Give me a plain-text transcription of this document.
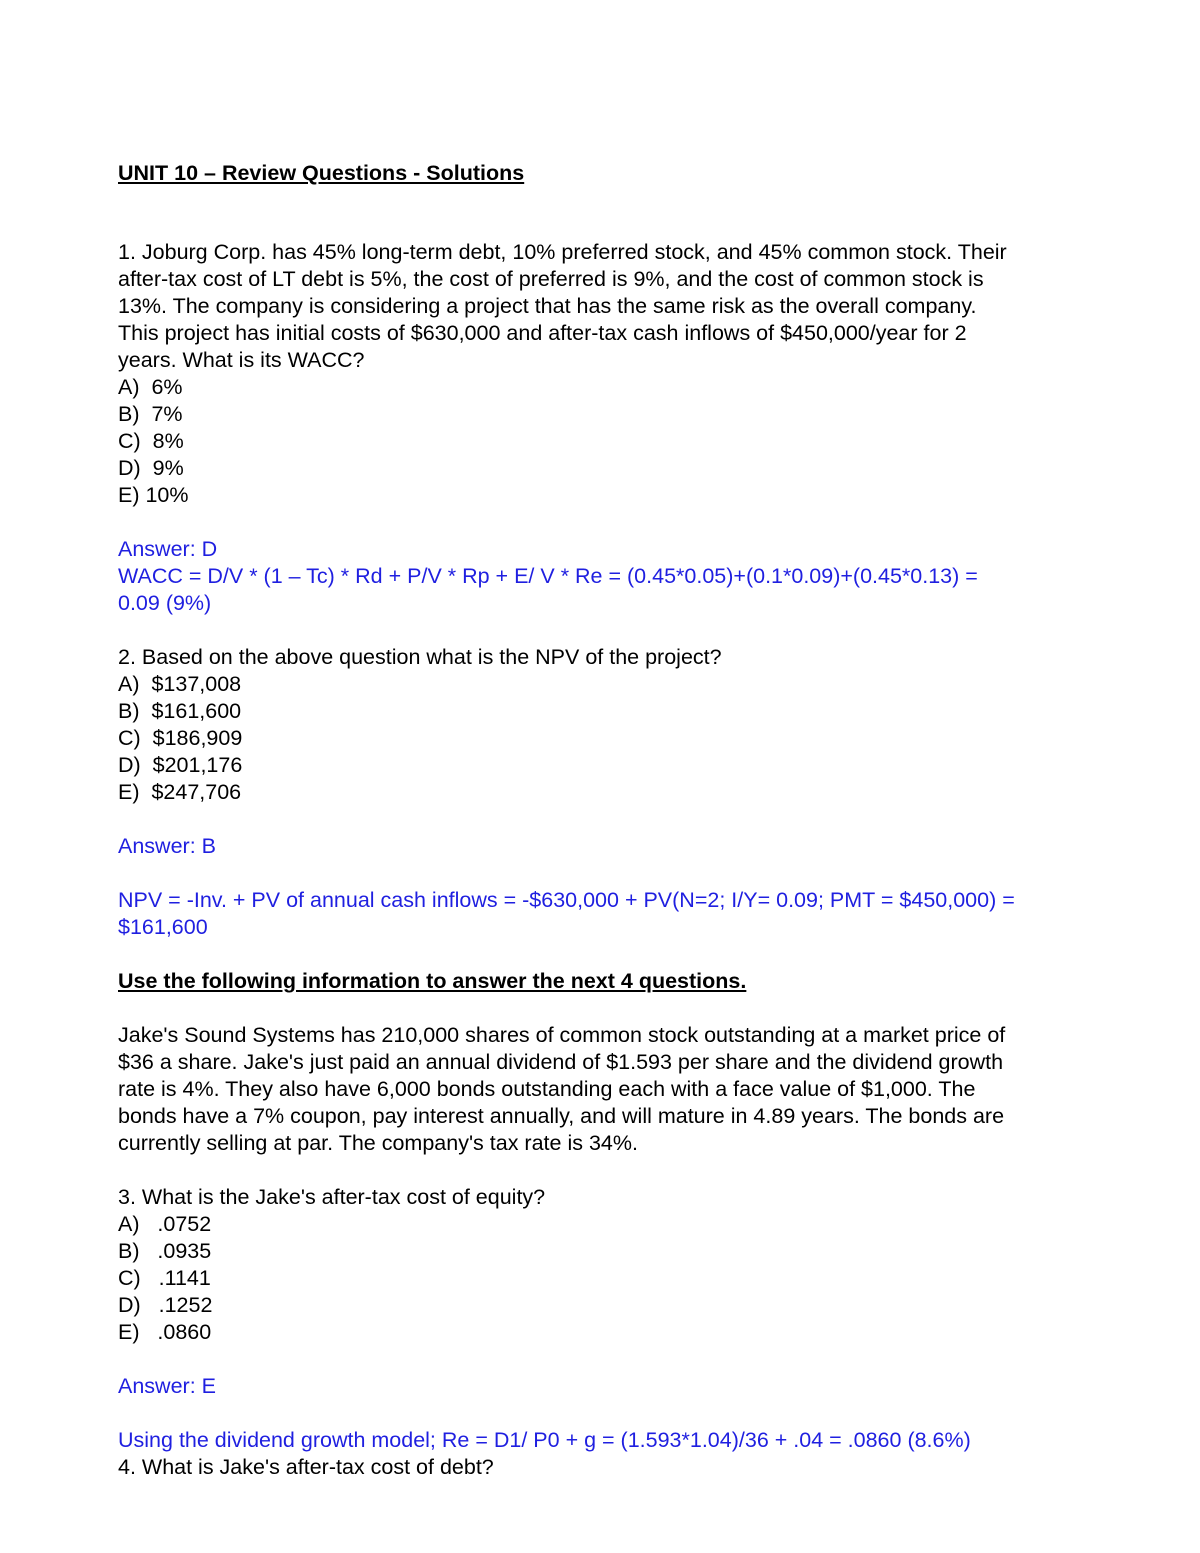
UNIT 10 – Review Questions - Solutions
1. Joburg Corp. has 45% long-term debt, 10% preferred stock, and 45% common stock. Their
after-tax cost of LT debt is 5%, the cost of preferred is 9%, and the cost of common stock is
13%. The company is considering a project that has the same risk as the overall company.
This project has initial costs of $630,000 and after-tax cash inflows of $450,000/year for 2
years. What is its WACC?
A)  6%
B)  7%
C)  8%
D)  9%
E) 10%
Answer: D
WACC = D/V * (1 – Tc) * Rd + P/V * Rp + E/ V * Re = (0.45*0.05)+(0.1*0.09)+(0.45*0.13) =
0.09 (9%)
2. Based on the above question what is the NPV of the project?
A)  $137,008
B)  $161,600
C)  $186,909
D)  $201,176
E)  $247,706
Answer: B
NPV = -Inv. + PV of annual cash inflows = -$630,000 + PV(N=2; I/Y= 0.09; PMT = $450,000) =
$161,600
Use the following information to answer the next 4 questions.
Jake's Sound Systems has 210,000 shares of common stock outstanding at a market price of
$36 a share. Jake's just paid an annual dividend of $1.593 per share and the dividend growth
rate is 4%. They also have 6,000 bonds outstanding each with a face value of $1,000. The
bonds have a 7% coupon, pay interest annually, and will mature in 4.89 years. The bonds are
currently selling at par. The company's tax rate is 34%.
3. What is the Jake's after-tax cost of equity?
A)   .0752
B)   .0935
C)   .1141
D)   .1252
E)   .0860
Answer: E
Using the dividend growth model; Re = D1/ P0 + g = (1.593*1.04)/36 + .04 = .0860 (8.6%)
4. What is Jake's after-tax cost of debt?
